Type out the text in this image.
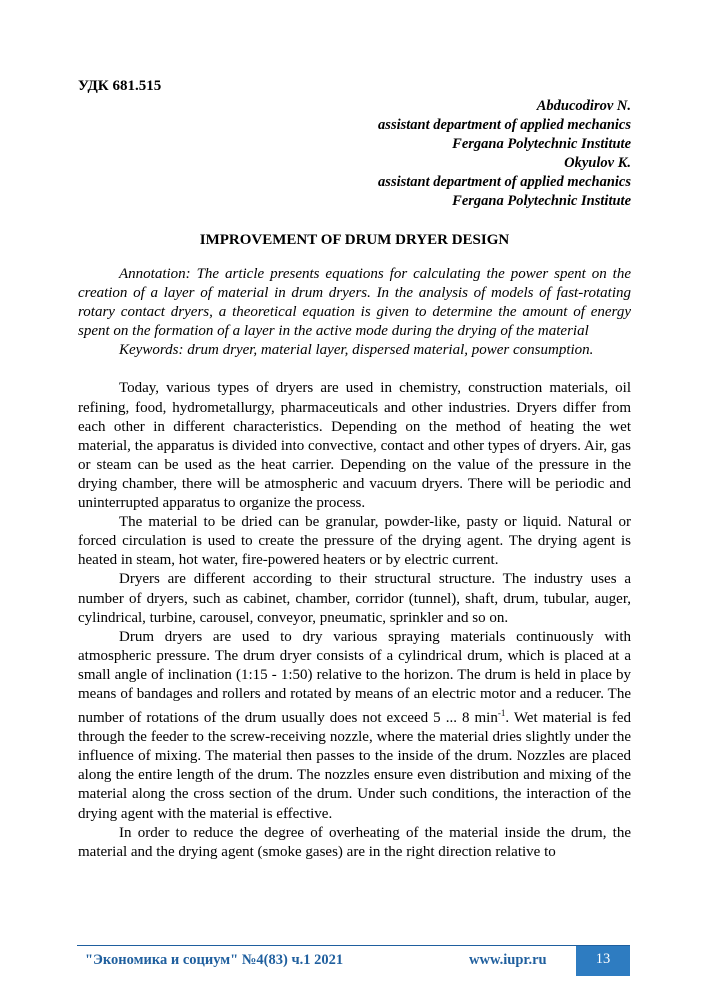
УДК 681.515
Abducodirov N.
assistant department of applied mechanics
Fergana Polytechnic Institute
Okyulov K.
assistant department of applied mechanics
Fergana Polytechnic Institute
IMPROVEMENT OF DRUM DRYER DESIGN

Annotation: The article presents equations for calculating the power spent on the creation of a layer of material in drum dryers. In the analysis of models of fast-rotating rotary contact dryers, a theoretical equation is given to determine the amount of energy spent on the formation of a layer in the active mode during the drying of the material

Keywords: drum dryer, material layer, dispersed material, power consumption.

Today, various types of dryers are used in chemistry, construction materials, oil refining, food, hydrometallurgy, pharmaceuticals and other industries. Dryers differ from each other in different characteristics. Depending on the method of heating the wet material, the apparatus is divided into convective, contact and other types of dryers. Air, gas or steam can be used as the heat carrier. Depending on the value of the pressure in the drying chamber, there will be atmospheric and vacuum dryers. There will be periodic and uninterrupted apparatus to organize the process.

The material to be dried can be granular, powder-like, pasty or liquid. Natural or forced circulation is used to create the pressure of the drying agent. The drying agent is heated in steam, hot water, fire-powered heaters or by electric current.

Dryers are different according to their structural structure. The industry uses a number of dryers, such as cabinet, chamber, corridor (tunnel), shaft, drum, tubular, auger, cylindrical, turbine, carousel, conveyor, pneumatic, sprinkler and so on.

Drum dryers are used to dry various spraying materials continuously with atmospheric pressure. The drum dryer consists of a cylindrical drum, which is placed at a small angle of inclination (1:15 - 1:50) relative to the horizon. The drum is held in place by means of bandages and rollers and rotated by means of an electric motor and a reducer. The number of rotations of the drum usually does not exceed 5 ... 8 $\min^{-1}$. Wet material is fed through the feeder to the screw-receiving nozzle, where the material dries slightly under the influence of mixing. The material then passes to the inside of the drum. Nozzles are placed along the entire length of the drum. The nozzles ensure even distribution and mixing of the material along the cross section of the drum. Under such conditions, the interaction of the drying agent with the material is effective.

In order to reduce the degree of overheating of the material inside the drum, the material and the drying agent (smoke gases) are in the right direction relative to

"Экономика и социум" №4(83) ч.1 2021	www.iupr.ru	13
